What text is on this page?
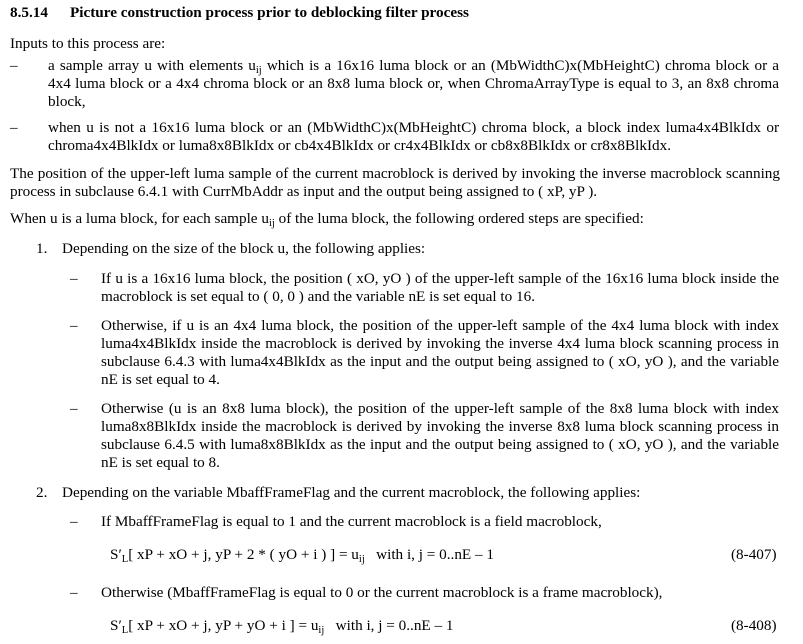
8.5.14 Picture construction process prior to deblocking filter process
Inputs to this process are:
– a sample array u with elements $u_{ij}$ which is a 16x16 luma block or an (MbWidthC)x(MbHeightC) chroma block or a 4x4 luma block or a 4x4 chroma block or an 8x8 luma block or, when ChromaArrayType is equal to 3, an 8x8 chroma block,
– when u is not a 16x16 luma block or an (MbWidthC)x(MbHeightC) chroma block, a block index luma4x4BlkIdx or chroma4x4BlkIdx or luma8x8BlkIdx or cb4x4BlkIdx or cr4x4BlkIdx or cb8x8BlkIdx or cr8x8BlkIdx.
The position of the upper-left luma sample of the current macroblock is derived by invoking the inverse macroblock scanning process in subclause 6.4.1 with CurrMbAddr as input and the output being assigned to ( xP, yP ).
When u is a luma block, for each sample $u_{ij}$ of the luma block, the following ordered steps are specified:
1. Depending on the size of the block u, the following applies:
– If u is a 16x16 luma block, the position ( xO, yO ) of the upper-left sample of the 16x16 luma block inside the macroblock is set equal to ( 0, 0 ) and the variable nE is set equal to 16.
– Otherwise, if u is an 4x4 luma block, the position of the upper-left sample of the 4x4 luma block with index luma4x4BlkIdx inside the macroblock is derived by invoking the inverse 4x4 luma block scanning process in subclause 6.4.3 with luma4x4BlkIdx as the input and the output being assigned to ( xO, yO ), and the variable nE is set equal to 4.
– Otherwise (u is an 8x8 luma block), the position of the upper-left sample of the 8x8 luma block with index luma8x8BlkIdx inside the macroblock is derived by invoking the inverse 8x8 luma block scanning process in subclause 6.4.5 with luma8x8BlkIdx as the input and the output being assigned to ( xO, yO ), and the variable nE is set equal to 8.
2. Depending on the variable MbaffFrameFlag and the current macroblock, the following applies:
– If MbaffFrameFlag is equal to 1 and the current macroblock is a field macroblock,
$S'_L$[ xP + xO + j, yP + 2 * ( yO + i ) ] = $u_{ij}$   with i, j = 0..nE – 1	(8-407)
– Otherwise (MbaffFrameFlag is equal to 0 or the current macroblock is a frame macroblock),
$S'_L$[ xP + xO + j, yP + yO + i ] = $u_{ij}$   with i, j = 0..nE – 1	(8-408)
